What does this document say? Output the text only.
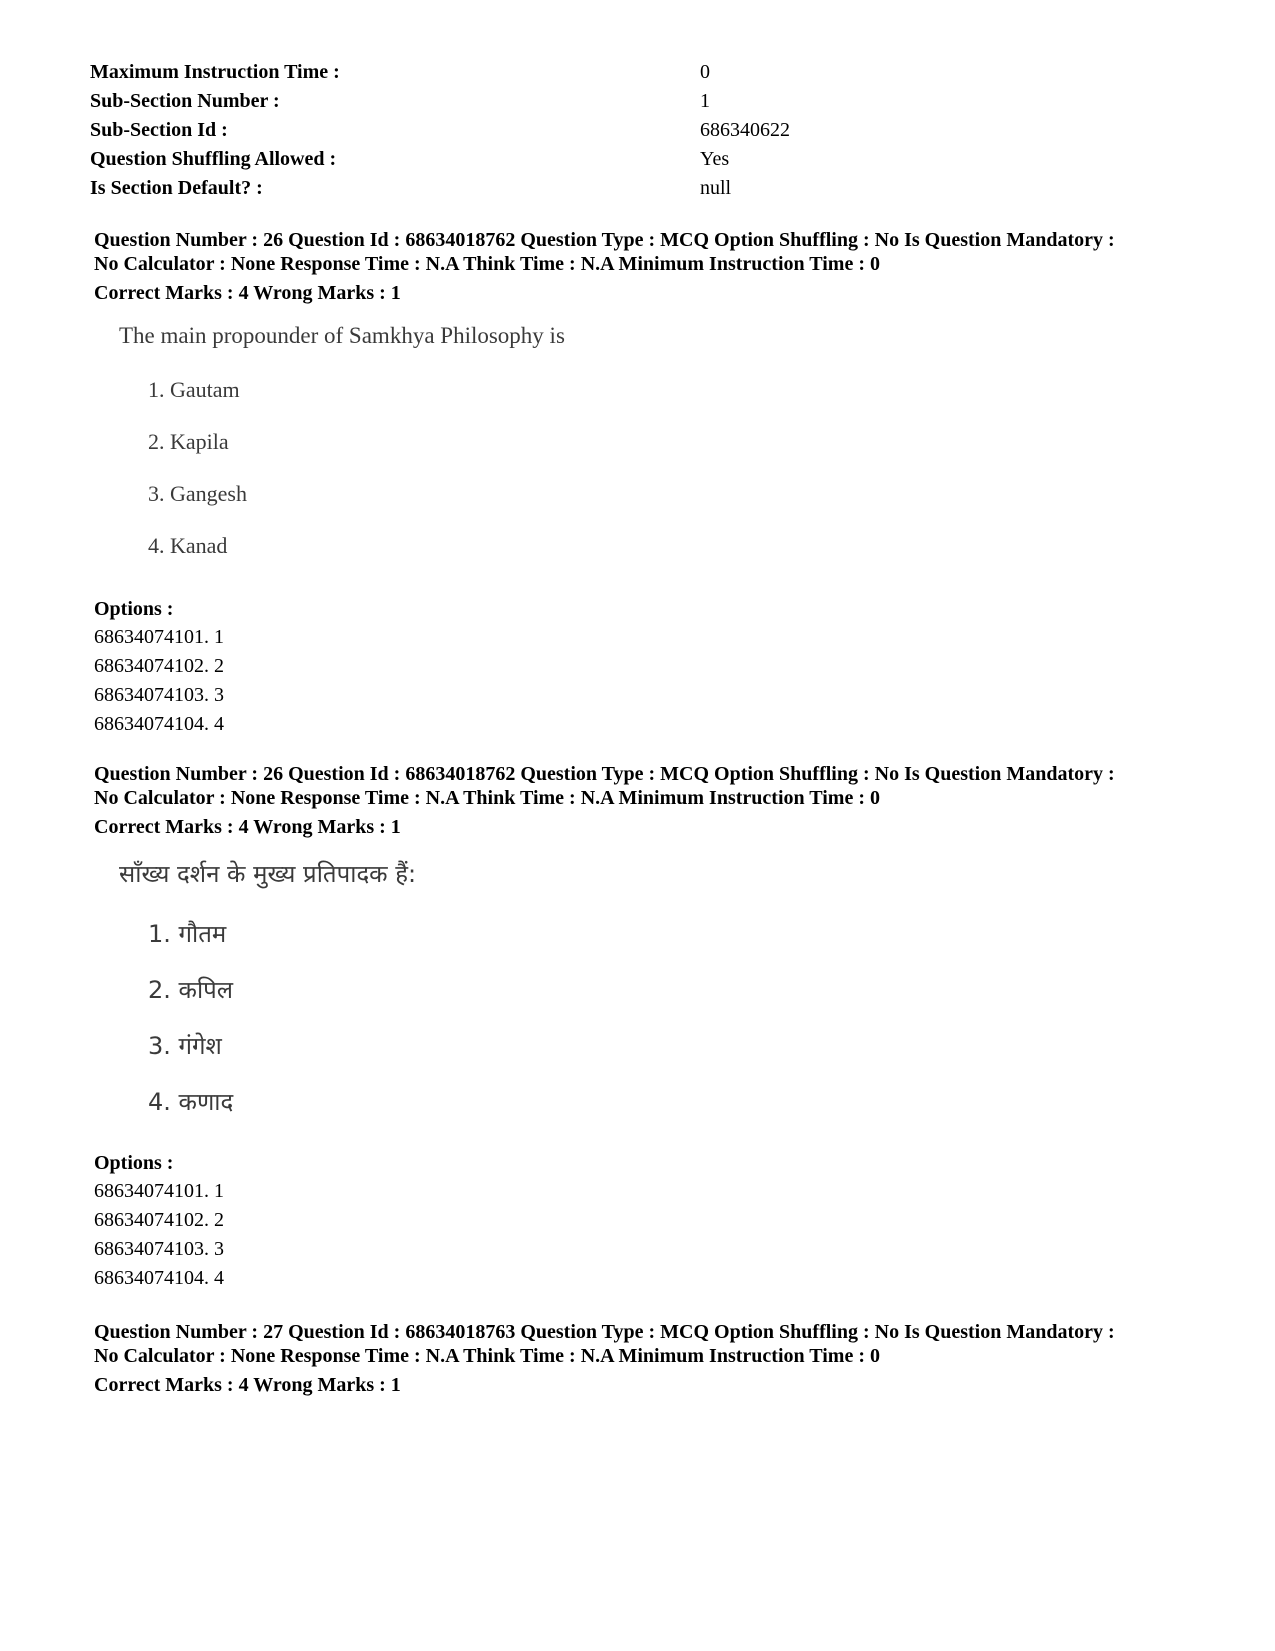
Maximum Instruction Time :	0
Sub-Section Number :	1
Sub-Section Id :	686340622
Question Shuffling Allowed :	Yes
Is Section Default? :	null
Question Number : 26 Question Id : 68634018762 Question Type : MCQ Option Shuffling : No Is Question Mandatory :
No Calculator : None Response Time : N.A Think Time : N.A Minimum Instruction Time : 0
Correct Marks : 4 Wrong Marks : 1
The main propounder of Samkhya Philosophy is
1. Gautam
2. Kapila
3. Gangesh
4. Kanad
Options :
68634074101. 1
68634074102. 2
68634074103. 3
68634074104. 4
Question Number : 26 Question Id : 68634018762 Question Type : MCQ Option Shuffling : No Is Question Mandatory :
No Calculator : None Response Time : N.A Think Time : N.A Minimum Instruction Time : 0
Correct Marks : 4 Wrong Marks : 1
साँख्य दर्शन के मुख्य प्रतिपादक हैं:
1. गौतम
2. कपिल
3. गंगेश
4. कणाद
Options :
68634074101. 1
68634074102. 2
68634074103. 3
68634074104. 4
Question Number : 27 Question Id : 68634018763 Question Type : MCQ Option Shuffling : No Is Question Mandatory :
No Calculator : None Response Time : N.A Think Time : N.A Minimum Instruction Time : 0
Correct Marks : 4 Wrong Marks : 1
